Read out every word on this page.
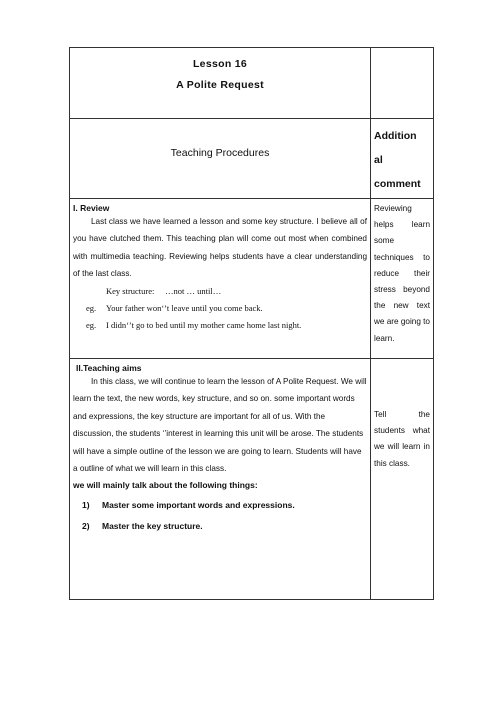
Lesson 16
A Polite Request	

Teaching Procedures	Addition
al
comment

I. Review
Last class we have learned a lesson and some key structure. I believe all of you have clutched them. This teaching plan will come out most when combined with multimedia teaching. Reviewing helps students have a clear understanding of the last class.
Key structure: …not … until…
eg. Your father won‘’t leave until you come back.
eg. I didn‘’t go to bed until my mother came home last night.	Reviewing helps learn some techniques to reduce their stress beyond the new text we are going to learn.

II.Teaching aims
In this class, we will continue to learn the lesson of A Polite Request. We will learn the text, the new words, key structure, and so on. some important words and expressions, the key structure are important for all of us. With the discussion, the students ‘’interest in learning this unit will be arose. The students will have a simple outline of the lesson we are going to learn. Students will have a outline of what we will learn in this class.
we will mainly talk about the following things:
1) Master some important words and expressions.
2) Master the key structure.	Tell the students what we will learn in this class.
